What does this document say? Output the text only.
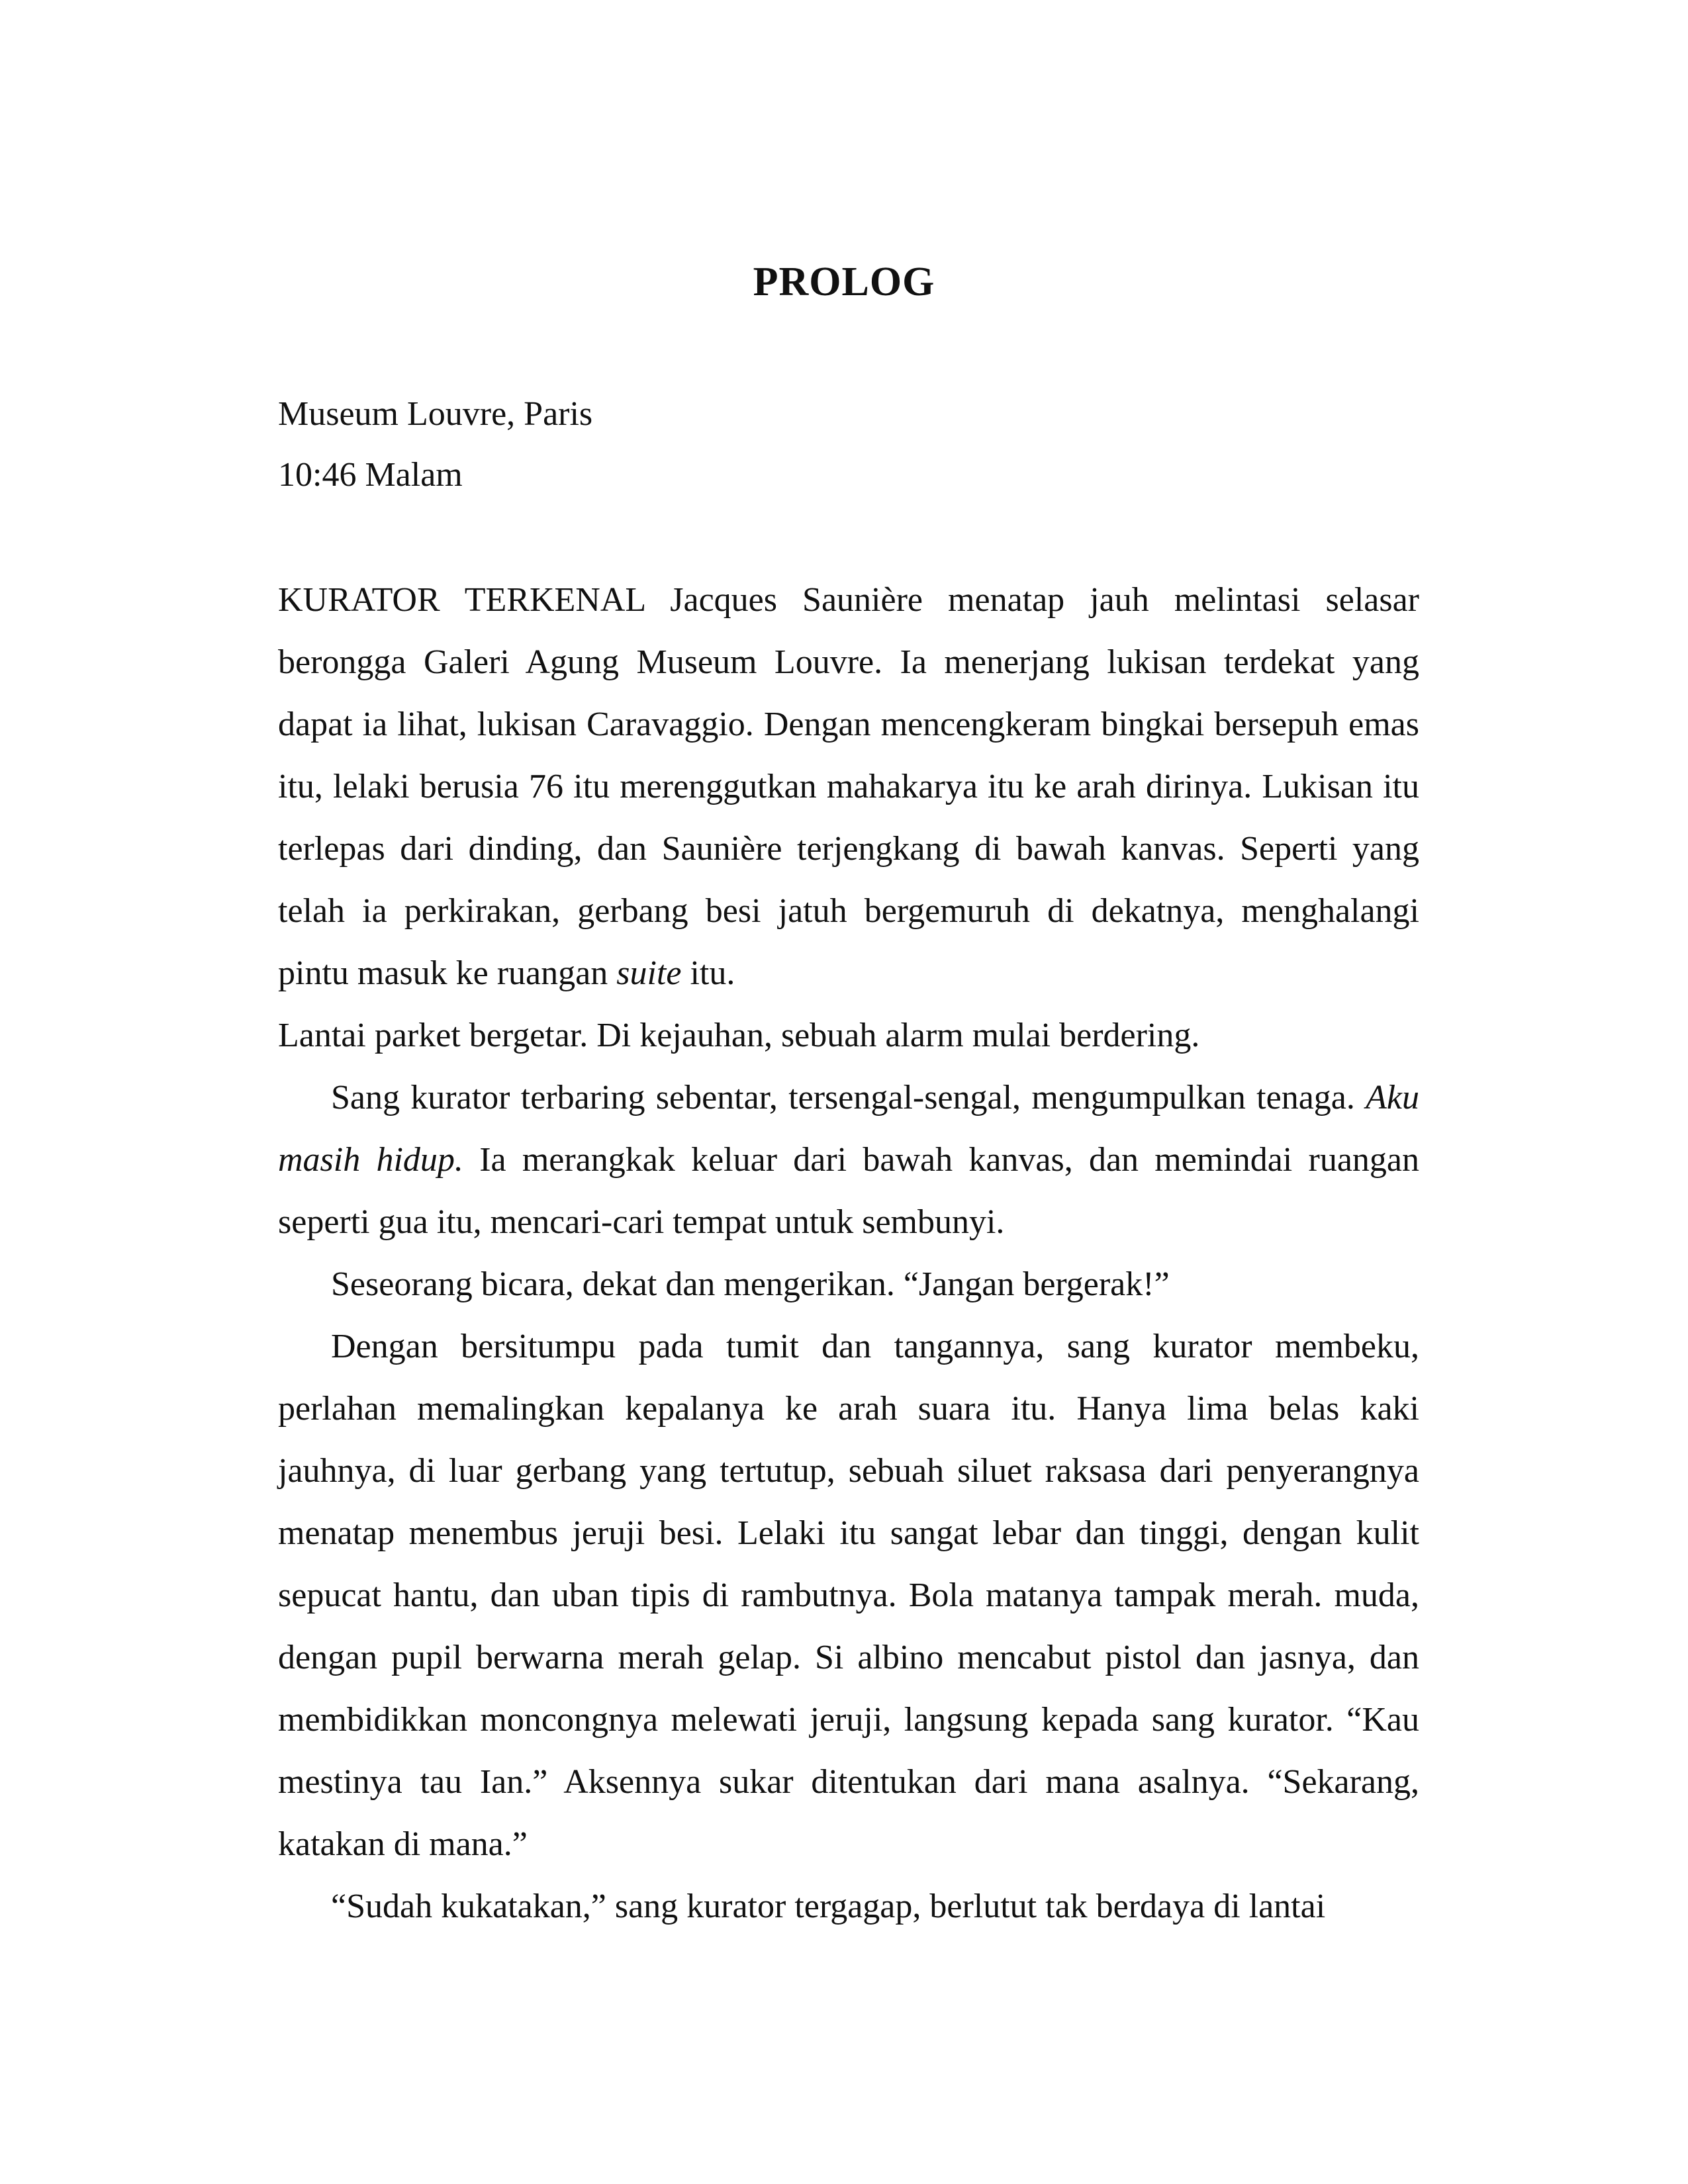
PROLOG
Museum Louvre, Paris
10:46 Malam

KURATOR TERKENAL Jacques Saunière menatap jauh melintasi selasar berongga Galeri Agung Museum Louvre. Ia menerjang lukisan terdekat yang dapat ia lihat, lukisan Caravaggio. Dengan mencengkeram bingkai bersepuh emas itu, lelaki berusia 76 itu merenggutkan mahakarya itu ke arah dirinya. Lukisan itu terlepas dari dinding, dan Saunière terjengkang di bawah kanvas. Seperti yang telah ia perkirakan, gerbang besi jatuh bergemuruh di dekatnya, menghalangi pintu masuk ke ruangan suite itu.

Lantai parket bergetar. Di kejauhan, sebuah alarm mulai berdering.

Sang kurator terbaring sebentar, tersengal-sengal, mengumpulkan tenaga. Aku masih hidup. Ia merangkak keluar dari bawah kanvas, dan memindai ruangan seperti gua itu, mencari-cari tempat untuk sembunyi.

Seseorang bicara, dekat dan mengerikan. “Jangan bergerak!”

Dengan bersitumpu pada tumit dan tangannya, sang kurator membeku, perlahan memalingkan kepalanya ke arah suara itu. Hanya lima belas kaki jauhnya, di luar gerbang yang tertutup, sebuah siluet raksasa dari penyerangnya menatap menembus jeruji besi. Lelaki itu sangat lebar dan tinggi, dengan kulit sepucat hantu, dan uban tipis di rambutnya. Bola matanya tampak merah. muda, dengan pupil berwarna merah gelap. Si albino mencabut pistol dan jasnya, dan membidikkan moncongnya melewati jeruji, langsung kepada sang kurator. “Kau mestinya tau Ian.” Aksennya sukar ditentukan dari mana asalnya. “Sekarang, katakan di mana.”

“Sudah kukatakan,” sang kurator tergagap, berlutut tak berdaya di lantai
